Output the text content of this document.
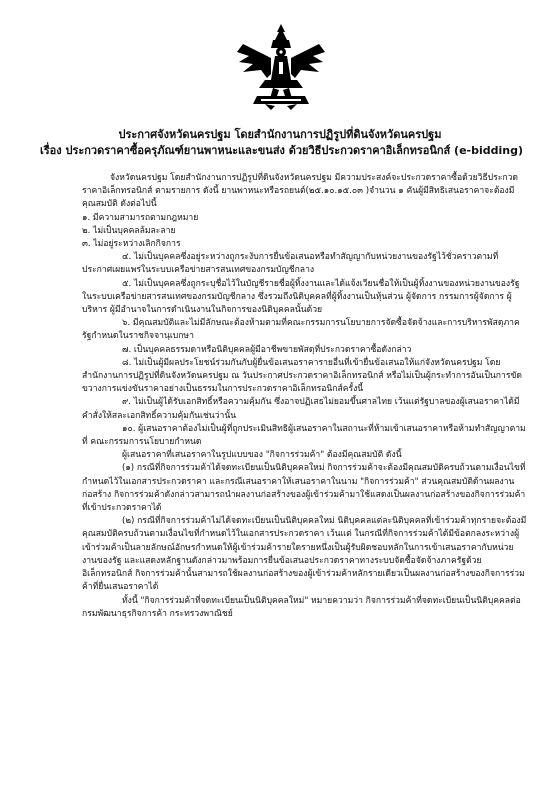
ประกาศจังหวัดนครปฐม โดยสำนักงานการปฏิรูปที่ดินจังหวัดนครปฐม
เรื่อง ประกวดราคาซื้อครุภัณฑ์ยานพาหนะและขนส่ง ด้วยวิธีประกวดราคาอิเล็กทรอนิกส์ (e-bidding)

จังหวัดนครปฐม โดยสำนักงานการปฏิรูปที่ดินจังหวัดนครปฐม มีความประสงค์จะประกวดราคาซื้อด้วยวิธีประกวดราคาอิเล็กทรอนิกส์ ตามรายการ ดังนี้ ยานพาหนะหรือรถยนต์(๒๕.๑๐.๑๕.๐๓ )จำนวน ๑ คันผู้มีสิทธิเสนอราคาจะต้องมีคุณสมบัติ ดังต่อไปนี้

๑. มีความสามารถตามกฎหมาย

๒. ไม่เป็นบุคคลล้มละลาย

๓. ไม่อยู่ระหว่างเลิกกิจการ

๔. ไม่เป็นบุคคลซึ่งอยู่ระหว่างถูกระงับการยื่นข้อเสนอหรือทำสัญญากับหน่วยงานของรัฐไว้ชั่วคราวตามที่ประกาศเผยแพร่ในระบบเครือข่ายสารสนเทศของกรมบัญชีกลาง

๕. ไม่เป็นบุคคลซึ่งถูกระบุชื่อไว้ในบัญชีรายชื่อผู้ทิ้งงานและได้แจ้งเวียนชื่อให้เป็นผู้ทิ้งงานของหน่วยงานของรัฐในระบบเครือข่ายสารสนเทศของกรมบัญชีกลาง ซึ่งรวมถึงนิติบุคคลที่ผู้ทิ้งงานเป็นหุ้นส่วน ผู้จัดการ กรรมการผู้จัดการ ผู้บริหาร ผู้มีอำนาจในการดำเนินงานในกิจการของนิติบุคคลนั้นด้วย

๖. มีคุณสมบัติและไม่มีลักษณะต้องห้ามตามที่คณะกรรมการนโยบายการจัดซื้อจัดจ้างและการบริหารพัสดุภาครัฐกำหนดในราชกิจจานุเบกษา

๗. เป็นบุคคลธรรมดาหรือนิติบุคคลผู้มีอาชีพขายพัสดุที่ประกวดราคาซื้อดังกล่าว

๘. ไม่เป็นผู้มีผลประโยชน์ร่วมกันกับผู้ยื่นข้อเสนอราคารายอื่นที่เข้ายื่นข้อเสนอให้แก่จังหวัดนครปฐม โดยสำนักงานการปฏิรูปที่ดินจังหวัดนครปฐม ณ วันประกาศประกวดราคาอิเล็กทรอนิกส์ หรือไม่เป็นผู้กระทำการอันเป็นการขัดขวางการแข่งขันราคาอย่างเป็นธรรมในการประกวดราคาอิเล็กทรอนิกส์ครั้งนี้

๙. ไม่เป็นผู้ได้รับเอกสิทธิ์หรือความคุ้มกัน ซึ่งอาจปฏิเสธไม่ยอมขึ้นศาลไทย เว้นแต่รัฐบาลของผู้เสนอราคาได้มีคำสั่งให้สละเอกสิทธิ์ความคุ้มกันเช่นว่านั้น

๑๐. ผู้เสนอราคาต้องไม่เป็นผู้ที่ถูกประเมินสิทธิผู้เสนอราคาในสถานะที่ห้ามเข้าเสนอราคาหรือห้ามทำสัญญาตามที่ คณะกรรมการนโยบายกำหนด

ผู้เสนอราคาที่เสนอราคาในรูปแบบของ "กิจการร่วมค้า" ต้องมีคุณสมบัติ ดังนี้

(๑) กรณีที่กิจการร่วมค้าได้จดทะเบียนเป็นนิติบุคคลใหม่ กิจการร่วมค้าจะต้องมีคุณสมบัติครบถ้วนตามเงื่อนไขที่กำหนดไว้ในเอกสารประกวดราคา และกรณีเสนอราคาให้เสนอราคาในนาม "กิจการร่วมค้า" ส่วนคุณสมบัติด้านผลงานก่อสร้าง กิจการร่วมค้าดังกล่าวสามารถนำผลงานก่อสร้างของผู้เข้าร่วมค้ามาใช้แสดงเป็นผลงานก่อสร้างของกิจการร่วมค้าที่เข้าประกวดราคาได้

(๒) กรณีที่กิจการร่วมค้าไม่ได้จดทะเบียนเป็นนิติบุคคลใหม่ นิติบุคคลแต่ละนิติบุคคลที่เข้าร่วมค้าทุกรายจะต้องมีคุณสมบัติครบถ้วนตามเงื่อนไขที่กำหนดไว้ในเอกสารประกวดราคา เว้นแต่ ในกรณีที่กิจการร่วมค้าได้มีข้อตกลงระหว่างผู้เข้าร่วมค้าเป็นลายลักษณ์อักษรกำหนดให้ผู้เข้าร่วมค้ารายใดรายหนึ่งเป็นผู้รับผิดชอบหลักในการเข้าเสนอราคากับหน่วยงานของรัฐ และแสดงหลักฐานดังกล่าวมาพร้อมการยื่นข้อเสนอประกวดราคาทางระบบจัดซื้อจัดจ้างภาครัฐด้วยอิเล็กทรอนิกส์ กิจการร่วมค้านั้นสามารถใช้ผลงานก่อสร้างของผู้เข้าร่วมค้าหลักรายเดียวเป็นผลงานก่อสร้างของกิจการร่วมค้าที่ยื่นเสนอราคาได้

ทั้งนี้ "กิจการร่วมค้าที่จดทะเบียนเป็นนิติบุคคลใหม่" หมายความว่า กิจการร่วมค้าที่จดทะเบียนเป็นนิติบุคคลต่อกรมพัฒนาธุรกิจการค้า กระทรวงพาณิชย์
